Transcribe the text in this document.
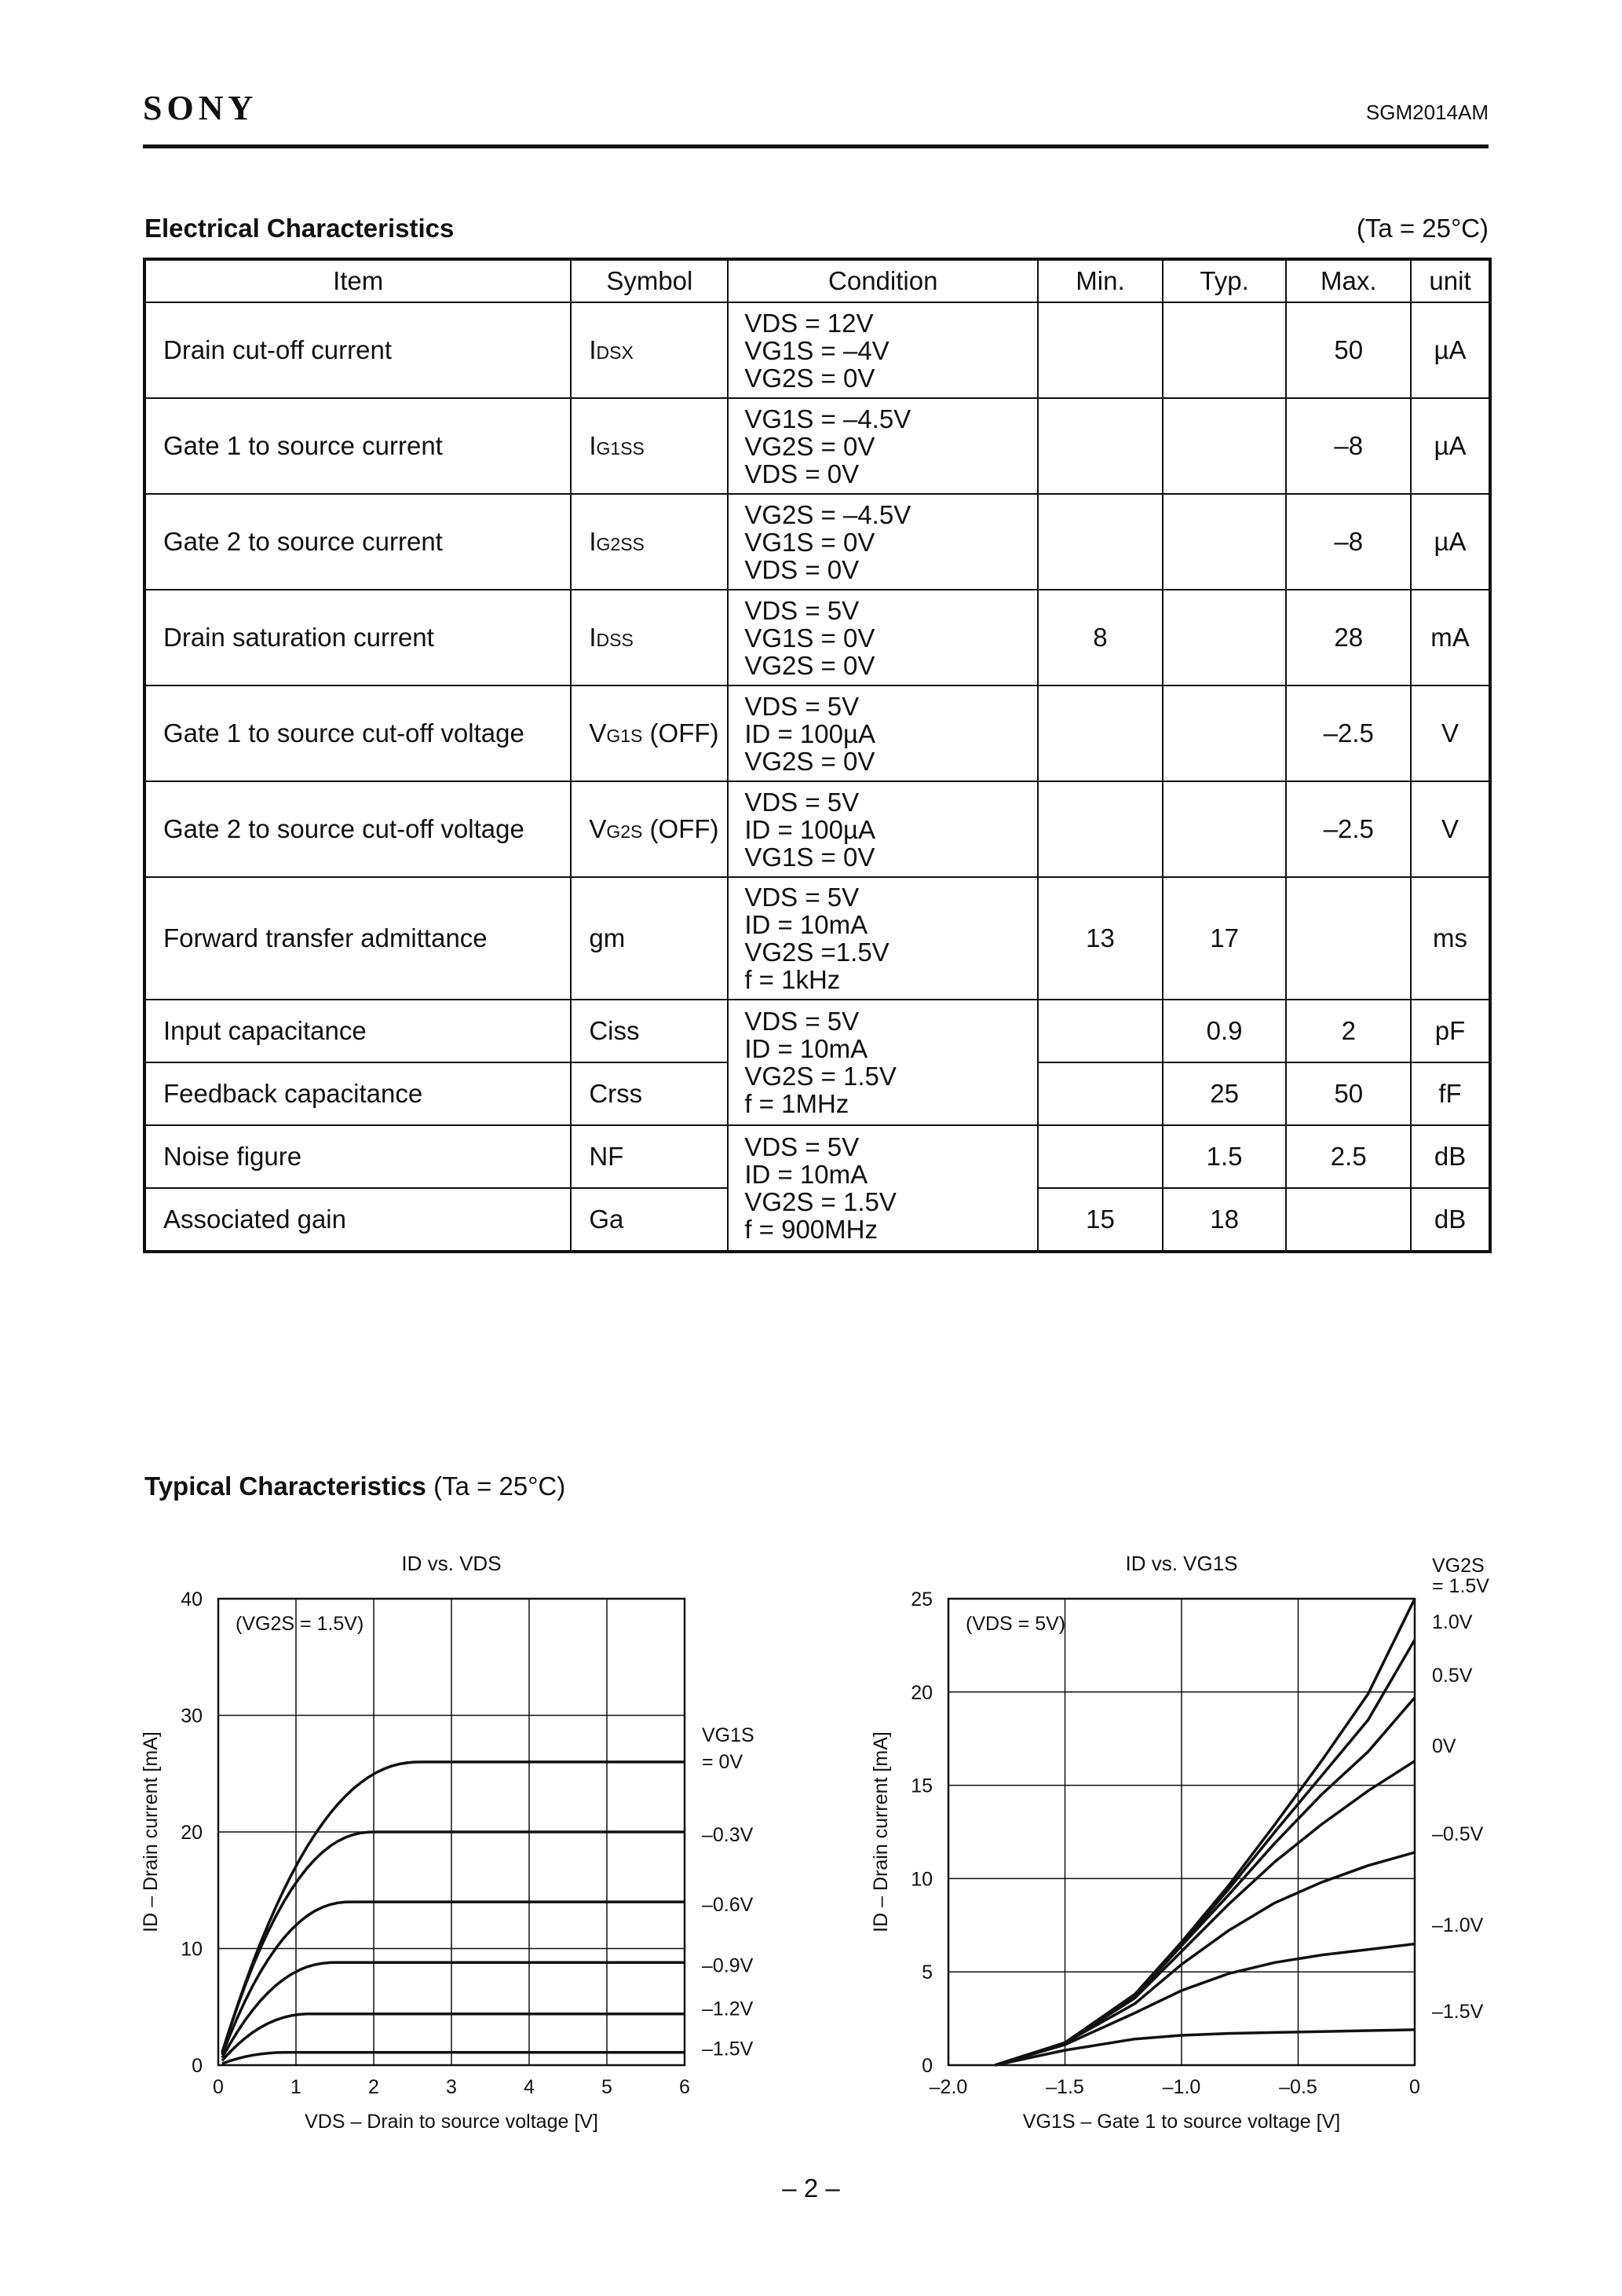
SONY	SGM2014AM
Electrical Characteristics	(Ta = 25°C)
Item	Symbol	Condition	Min.	Typ.	Max.	unit
Drain cut-off current	IDSX	VDS = 12V
VG1S = –4V
VG2S = 0V			50	µA
Gate 1 to source current	IG1SS	VG1S = –4.5V
VG2S = 0V
VDS = 0V			–8	µA
Gate 2 to source current	IG2SS	VG2S = –4.5V
VG1S = 0V
VDS = 0V			–8	µA
Drain saturation current	IDSS	VDS = 5V
VG1S = 0V
VG2S = 0V	8		28	mA
Gate 1 to source cut-off voltage	VG1S (OFF)	VDS = 5V
ID = 100µA
VG2S = 0V			–2.5	V
Gate 2 to source cut-off voltage	VG2S (OFF)	VDS = 5V
ID = 100µA
VG1S = 0V			–2.5	V
Forward transfer admittance	gm	VDS = 5V
ID = 10mA
VG2S =1.5V
f = 1kHz	13	17		ms
Input capacitance	Ciss	VDS = 5V
ID = 10mA
VG2S = 1.5V
f = 1MHz		0.9	2	pF
Feedback capacitance	Crss			25	50	fF
Noise figure	NF	VDS = 5V
ID = 10mA
VG2S = 1.5V
f = 900MHz		1.5	2.5	dB
Associated gain	Ga		15	18		dB
Typical Characteristics (Ta = 25°C)
ID vs. VDS
0	1	2	3	4	5	6
0
10
20
30
40
VDS – Drain to source voltage [V]
ID – Drain current [mA]
(VG2S = 1.5V)
VG1S
= 0V
–0.3V
–0.6V
–0.9V
–1.2V
–1.5V
ID vs. VG1S
–2.0	–1.5	–1.0	–0.5	0
0
5
10
15
20
25
VG1S – Gate 1 to source voltage [V]
ID – Drain current [mA]
(VDS = 5V)
VG2S
= 1.5V
1.0V
0.5V
0V
–0.5V
–1.0V
–1.5V
– 2 –
